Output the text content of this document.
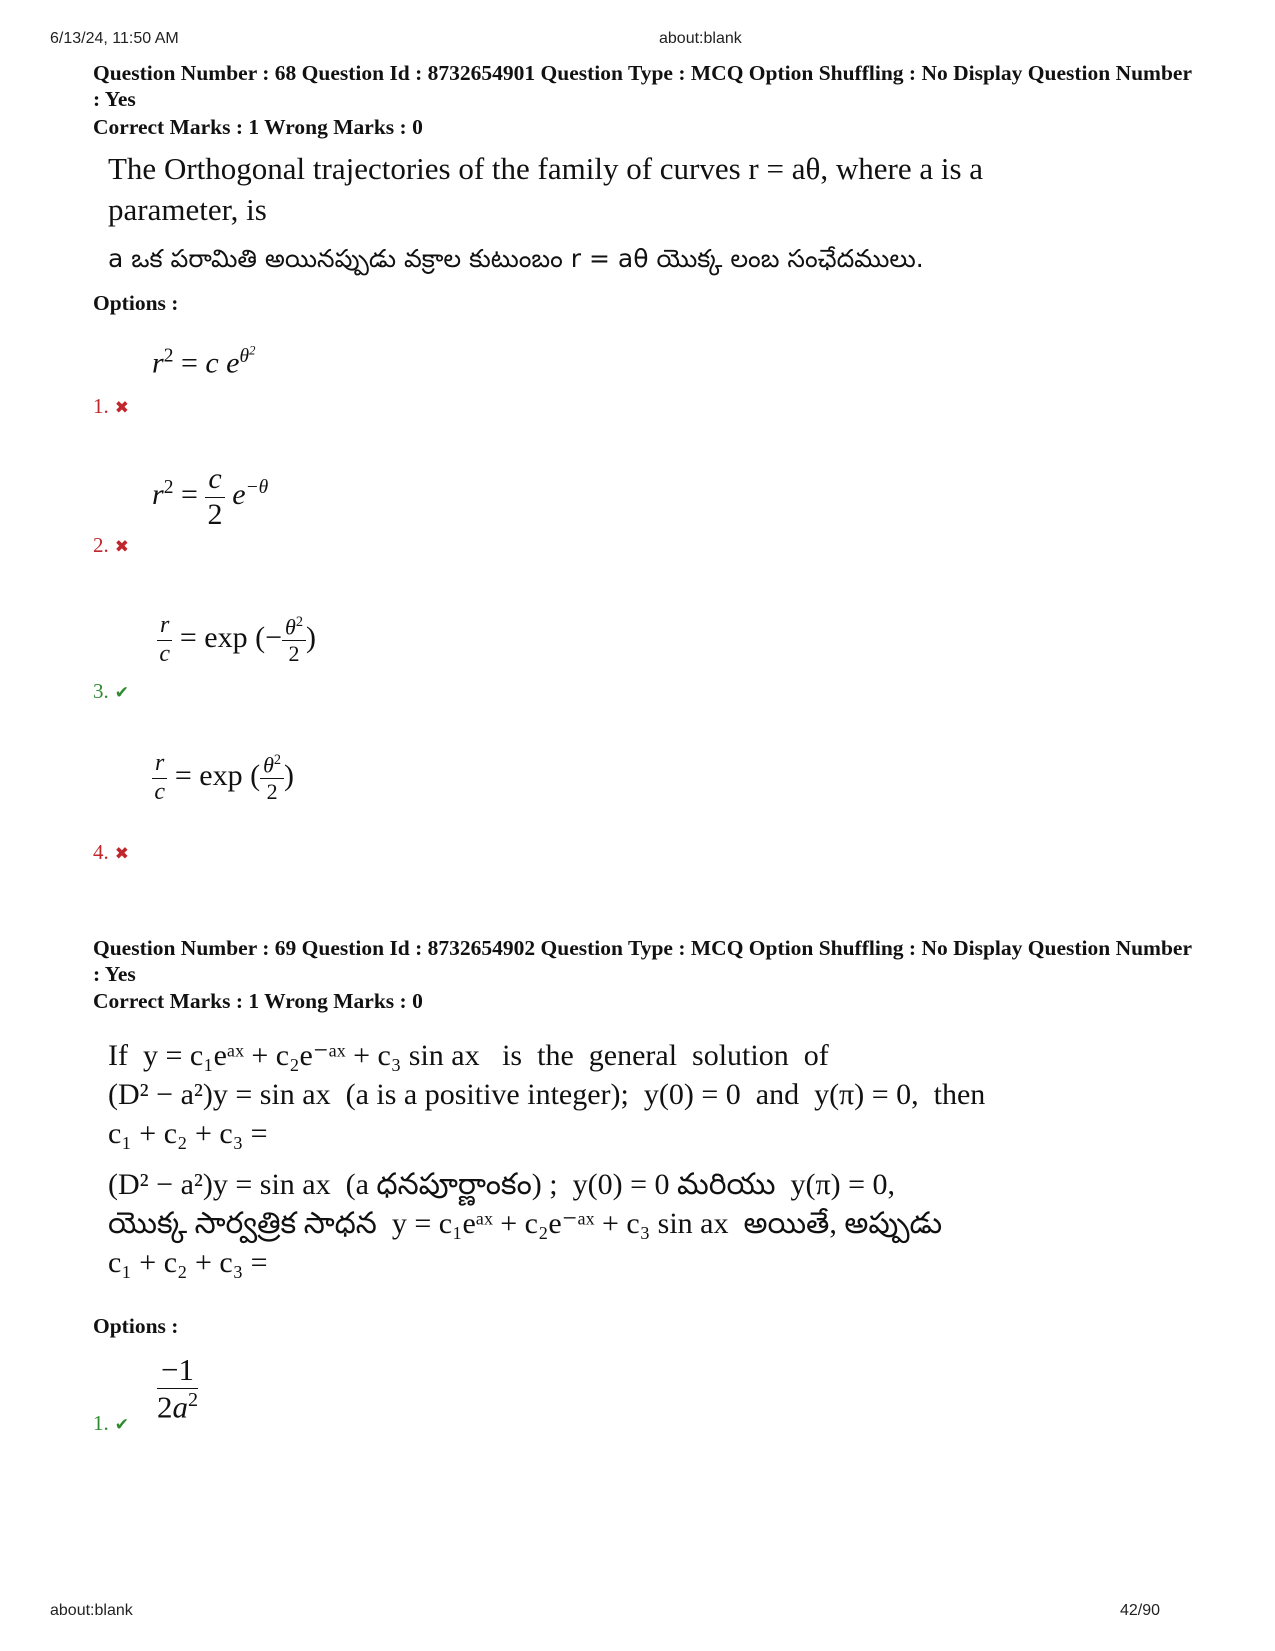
6/13/24, 11:50 AM	about:blank
Question Number : 68 Question Id : 8732654901 Question Type : MCQ Option Shuffling : No Display Question Number : Yes
Correct Marks : 1 Wrong Marks : 0
The Orthogonal trajectories of the family of curves r = aθ, where a is a
parameter, is
a ఒక పరామితి అయినప్పుడు వక్రాల కుటుంబం r = aθ యొక్క లంబ సంఛేదములు.
Options :
$r^2 = c$ $e^{\theta^2}$
1. ✖
$r^2 = \frac{c}{2} e^{-\theta}$
2. ✖
$\frac{r}{c} = \exp$ (− $\frac{\theta^2}{2}$ )
3. ✔
$\frac{r}{c} = \exp$ ( $\frac{\theta^2}{2}$ )
4. ✖
Question Number : 69 Question Id : 8732654902 Question Type : MCQ Option Shuffling : No Display Question Number : Yes
Correct Marks : 1 Wrong Marks : 0
If  y = c₁eᵃˣ + c₂e⁻ᵃˣ + c₃ sin ax   is  the  general  solution  of
(D² − a²)y = sin ax  (a is a positive integer);  y(0) = 0  and  y(π) = 0,  then
c₁ + c₂ + c₃ =
(D² − a²)y = sin ax  (a ధనపూర్ణాంకం) ;  y(0) = 0 మరియు  y(π) = 0,
యొక్క సార్వత్రిక సాధన  y = c₁eᵃˣ + c₂e⁻ᵃˣ + c₃ sin ax  అయితే, అప్పుడు
c₁ + c₂ + c₃ =
Options :
$\frac{-1}{2a^2}$
1. ✔
about:blank	42/90
